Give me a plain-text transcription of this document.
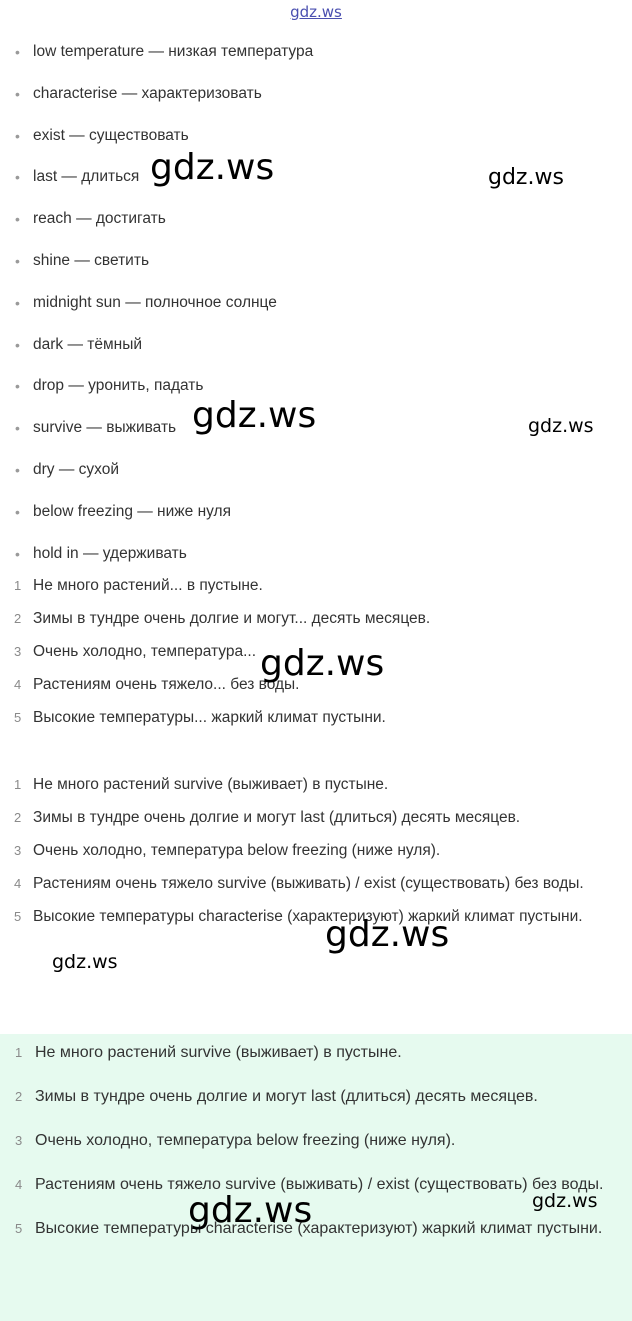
gdz.ws
• low temperature — низкая температура
• characterise — характеризовать
• exist — существовать
• last — длиться
• reach — достигать
• shine — светить
• midnight sun — полночное солнце
• dark — тёмный
• drop — уронить, падать
• survive — выживать
• dry — сухой
• below freezing — ниже нуля
• hold in — удерживать
1 Не много растений... в пустыне.
2 Зимы в тундре очень долгие и могут... десять месяцев.
3 Очень холодно, температура...
4 Растениям очень тяжело... без воды.
5 Высокие температуры... жаркий климат пустыни.
1 Не много растений survive (выживает) в пустыне.
2 Зимы в тундре очень долгие и могут last (длиться) десять месяцев.
3 Очень холодно, температура below freezing (ниже нуля).
4 Растениям очень тяжело survive (выживать) / exist (существовать) без воды.
5 Высокие температуры characterise (характеризуют) жаркий климат пустыни.
1 Не много растений survive (выживает) в пустыне.
2 Зимы в тундре очень долгие и могут last (длиться) десять месяцев.
3 Очень холодно, температура below freezing (ниже нуля).
4 Растениям очень тяжело survive (выживать) / exist (существовать) без воды.
5 Высокие температуры characterise (характеризуют) жаркий климат пустыни.
gdz.ws	gdz.ws
gdz.ws	gdz.ws
gdz.ws
gdz.ws
gdz.ws
gdz.ws	gdz.ws
